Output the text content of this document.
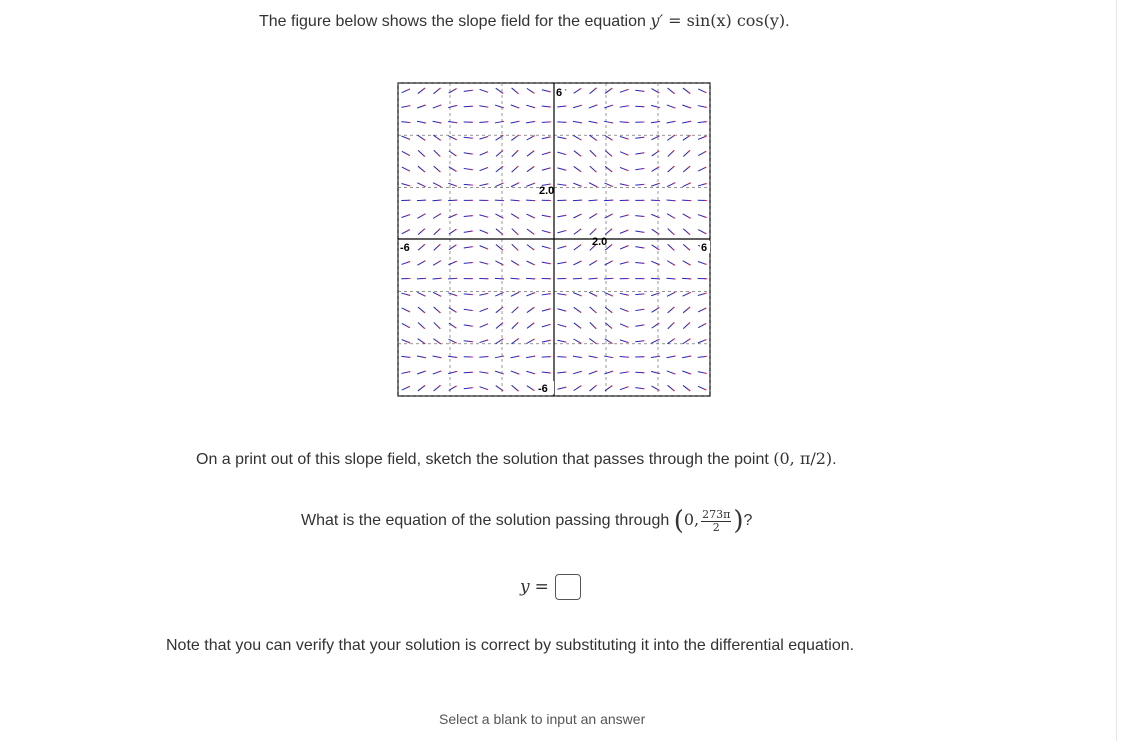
The figure below shows the slope field for the equation y′ = sin(x) cos(y).
-6	6
6
-6
2.0
2.0
On a print out of this slope field, sketch the solution that passes through the point (0, π/2).
What is the equation of the solution passing through (0, $\frac{273\pi}{2}$ )?
y =
Note that you can verify that your solution is correct by substituting it into the differential equation.
Select a blank to input an answer
